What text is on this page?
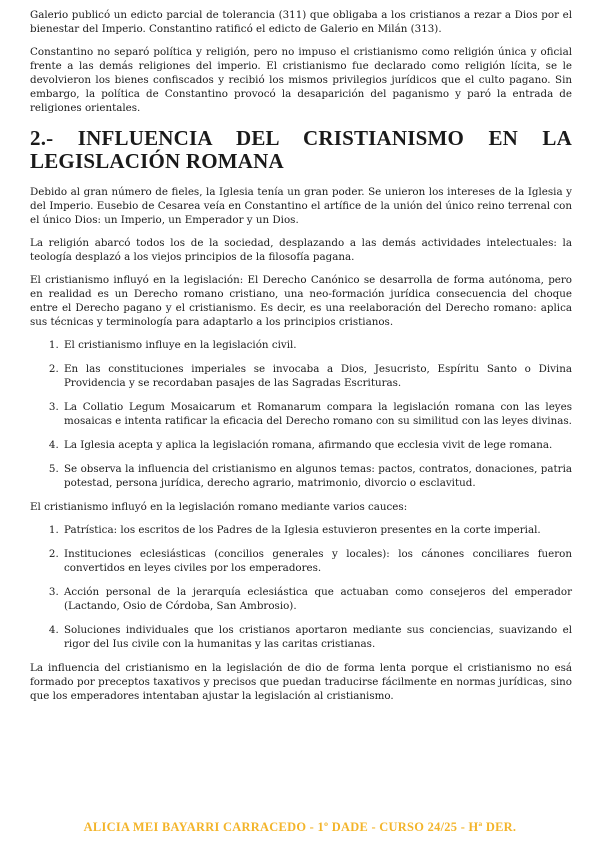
Galerio publicó un edicto parcial de tolerancia (311) que obligaba a los cristianos a rezar a Dios por el bienestar del Imperio. Constantino ratificó el edicto de Galerio en Milán (313).

Constantino no separó política y religión, pero no impuso el cristianismo como religión única y oficial frente a las demás religiones del imperio. El cristianismo fue declarado como religión lícita, se le devolvieron los bienes confiscados y recibió los mismos privilegios jurídicos que el culto pagano. Sin embargo, la política de Constantino provocó la desaparición del paganismo y paró la entrada de religiones orientales.

2.- INFLUENCIA DEL CRISTIANISMO EN LA LEGISLACIÓN ROMANA

Debido al gran número de fieles, la Iglesia tenía un gran poder. Se unieron los intereses de la Iglesia y del Imperio. Eusebio de Cesarea veía en Constantino el artífice de la unión del único reino terrenal con el único Dios: un Imperio, un Emperador y un Dios.

La religión abarcó todos los de la sociedad, desplazando a las demás actividades intelectuales: la teología desplazó a los viejos principios de la filosofía pagana.

El cristianismo influyó en la legislación: El Derecho Canónico se desarrolla de forma autónoma, pero en realidad es un Derecho romano cristiano, una neo-formación jurídica consecuencia del choque entre el Derecho pagano y el cristianismo. Es decir, es una reelaboración del Derecho romano: aplica sus técnicas y terminología para adaptarlo a los principios cristianos.

1. El cristianismo influye en la legislación civil.
2. En las constituciones imperiales se invocaba a Dios, Jesucristo, Espíritu Santo o Divina Providencia y se recordaban pasajes de las Sagradas Escrituras.
3. La Collatio Legum Mosaicarum et Romanarum compara la legislación romana con las leyes mosaicas e intenta ratificar la eficacia del Derecho romano con su similitud con las leyes divinas.
4. La Iglesia acepta y aplica la legislación romana, afirmando que ecclesia vivit de lege romana.
5. Se observa la influencia del cristianismo en algunos temas: pactos, contratos, donaciones, patria potestad, persona jurídica, derecho agrario, matrimonio, divorcio o esclavitud.

El cristianismo influyó en la legislación romano mediante varios cauces:

1. Patrística: los escritos de los Padres de la Iglesia estuvieron presentes en la corte imperial.
2. Instituciones eclesiásticas (concilios generales y locales): los cánones conciliares fueron convertidos en leyes civiles por los emperadores.
3. Acción personal de la jerarquía eclesiástica que actuaban como consejeros del emperador (Lactando, Osio de Córdoba, San Ambrosio).
4. Soluciones individuales que los cristianos aportaron mediante sus conciencias, suavizando el rigor del Ius civile con la humanitas y las caritas cristianas.

La influencia del cristianismo en la legislación de dio de forma lenta porque el cristianismo no esá formado por preceptos taxativos y precisos que puedan traducirse fácilmente en normas jurídicas, sino que los emperadores intentaban ajustar la legislación al cristianismo.

ALICIA MEI BAYARRI CARRACEDO - 1º DADE - CURSO 24/25 - Hª DER.
